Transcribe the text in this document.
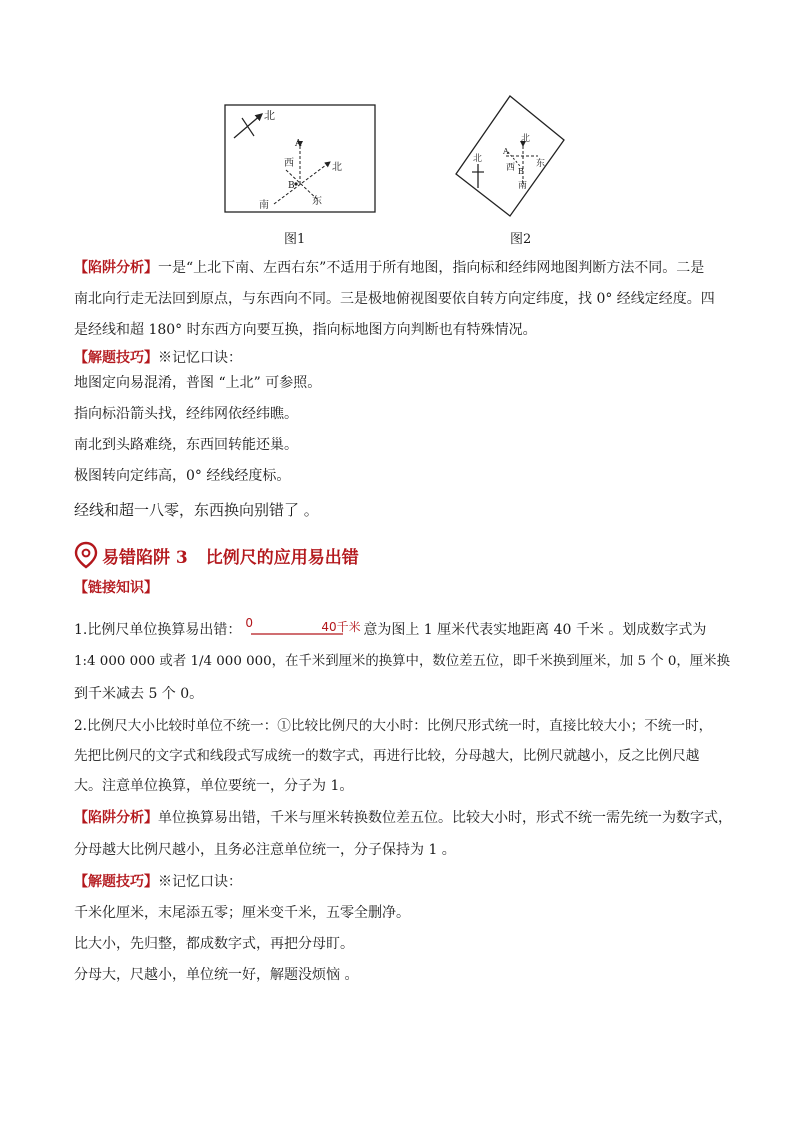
北
A
B
北
西
南	东
图1
北
A
B
北
西 东
南
图2
【陷阱分析】一是“上北下南、左西右东”不适用于所有地图，指向标和经纬网地图判断方法不同。二是
南北向行走无法回到原点，与东西向不同。三是极地俯视图要依自转方向定纬度，找 0° 经线定经度。四
是经线和超 180° 时东西方向要互换，指向标地图方向判断也有特殊情况。
【解题技巧】※记忆口诀：
地图定向易混淆，普图 “上北” 可参照。
指向标沿箭头找，经纬网依经纬瞧。
南北到头路难绕，东西回转能还巢。
极图转向定纬高，0° 经线经度标。
经线和超一八零，东西换向别错了 。
易错陷阱 3 比例尺的应用易出错
【链接知识】
1.比例尺单位换算易出错： 0	40千米 意为图上 1 厘米代表实地距离 40 千米 。划成数字式为
1:4 000 000 或者 1/4 000 000，在千米到厘米的换算中，数位差五位，即千米换到厘米，加 5 个 0，厘米换
到千米减去 5 个 0。
2.比例尺大小比较时单位不统一：①比较比例尺的大小时：比例尺形式统一时，直接比较大小；不统一时，
先把比例尺的文字式和线段式写成统一的数字式，再进行比较，分母越大，比例尺就越小，反之比例尺越
大。注意单位换算，单位要统一，分子为 1。
【陷阱分析】单位换算易出错，千米与厘米转换数位差五位。比较大小时，形式不统一需先统一为数字式，
分母越大比例尺越小，且务必注意单位统一，分子保持为 1 。
【解题技巧】※记忆口诀：
千米化厘米，末尾添五零；厘米变千米，五零全删净。
比大小，先归整，都成数字式，再把分母盯。
分母大，尺越小，单位统一好，解题没烦恼 。
